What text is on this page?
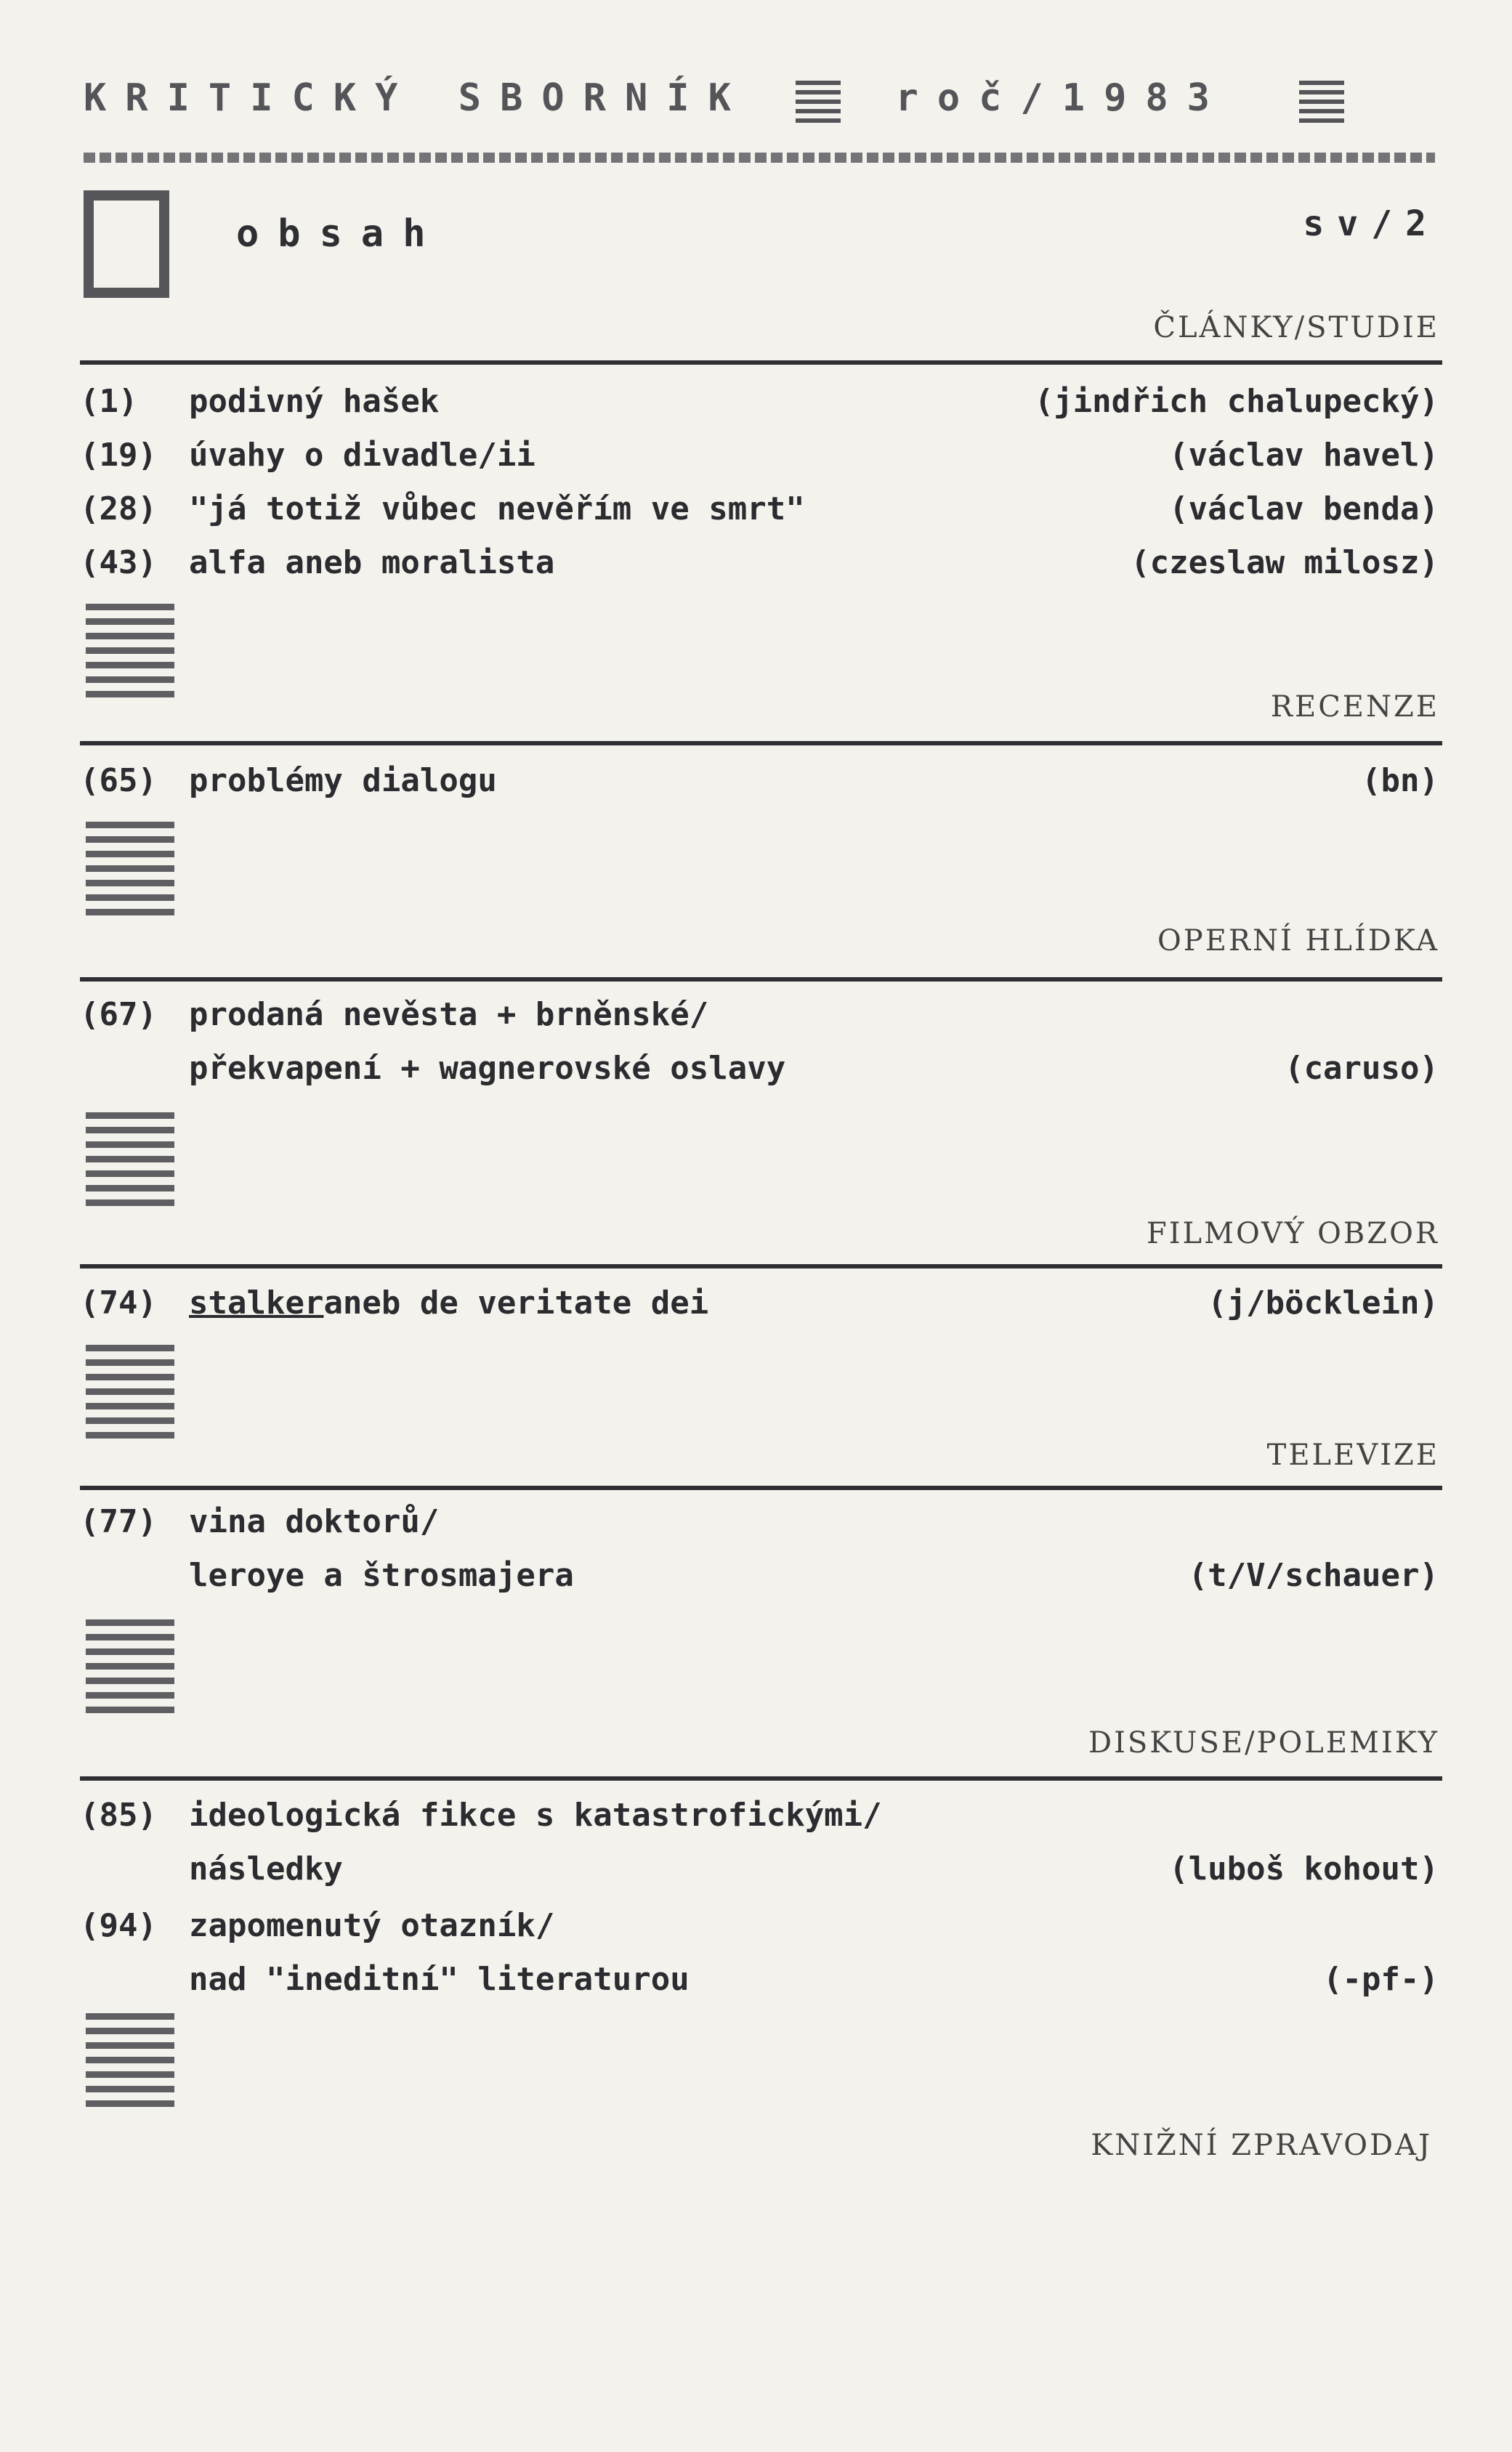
KRITICKÝ SBORNÍK	roč/1983
obsah	sv/2
ČLÁNKY/STUDIE
(1) podivný hašek	(jindřich chalupecký)
(19) úvahy o divadle/ii	(václav havel)
(28) "já totiž vůbec nevěřím ve smrt"	(václav benda)
(43) alfa aneb moralista	(czeslaw milosz)
RECENZE
(65) problémy dialogu	(bn)
OPERNÍ HLÍDKA
(67) prodaná nevěsta + brněnské/
překvapení + wagnerovské oslavy	(caruso)
FILMOVÝ OBZOR
(74) stalkeraneb de veritate dei	(j/böcklein)
TELEVIZE
(77) vina doktorů/
leroye a štrosmajera	(t/V/schauer)
DISKUSE/POLEMIKY
(85) ideologická fikce s katastrofickými/
následky	(luboš kohout)
(94) zapomenutý otazník/
nad "ineditní" literaturou	(-pf-)
KNIŽNÍ ZPRAVODAJ
